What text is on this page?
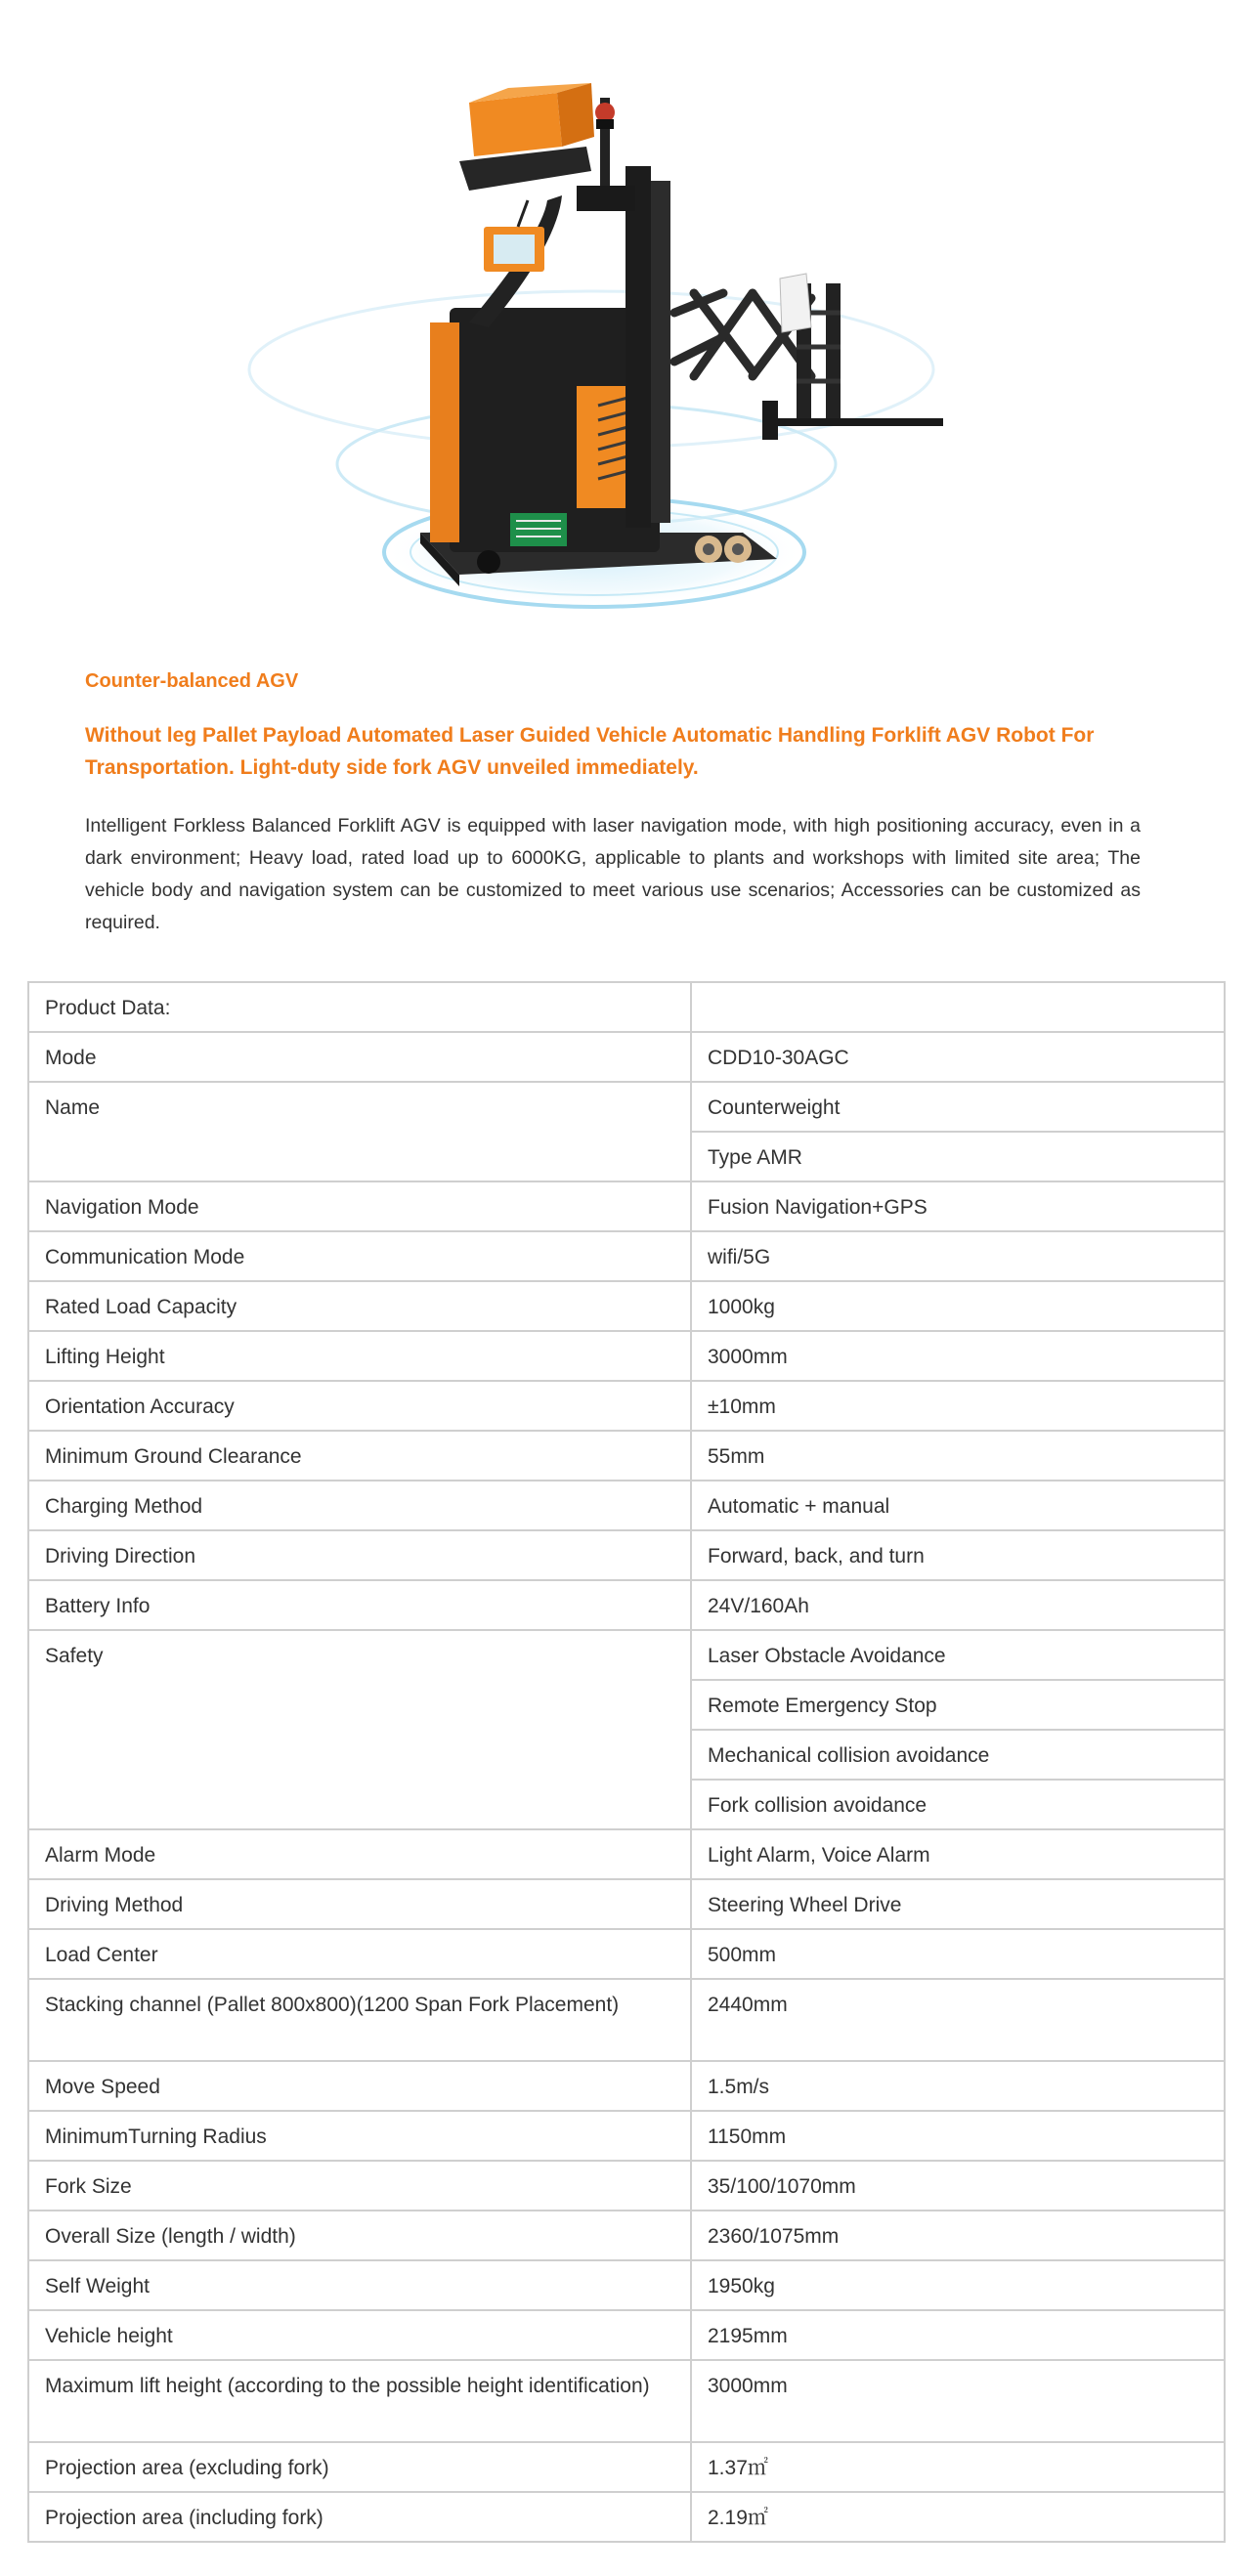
Counter-balanced AGV
Without leg Pallet Payload Automated Laser Guided Vehicle Automatic Handling Forklift AGV Robot For Transportation. Light-duty side fork AGV unveiled immediately.
Intelligent Forkless Balanced Forklift AGV is equipped with laser navigation mode, with high positioning accuracy, even in a dark environment; Heavy load, rated load up to 6000KG, applicable to plants and workshops with limited site area; The vehicle body and navigation system can be customized to meet various use scenarios; Accessories can be customized as required.
Product Data:	
Mode	CDD10-30AGC
Name	Counterweight
	Type AMR
Navigation Mode	Fusion Navigation+GPS
Communication Mode	wifi/5G
Rated Load Capacity	1000kg
Lifting Height	3000mm
Orientation Accuracy	±10mm
Minimum Ground Clearance	55mm
Charging Method	Automatic + manual
Driving Direction	Forward, back, and turn
Battery Info	24V/160Ah
Safety	Laser Obstacle Avoidance
	Remote Emergency Stop
	Mechanical collision avoidance
	Fork collision avoidance
Alarm Mode	Light Alarm, Voice Alarm
Driving Method	Steering Wheel Drive
Load Center	500mm
Stacking channel (Pallet 800x800)(1200 Span Fork Placement)	2440mm
Move Speed	1.5m/s
MinimumTurning Radius	1150mm
Fork Size	35/100/1070mm
Overall Size (length / width)	2360/1075mm
Self Weight	1950kg
Vehicle height	2195mm
Maximum lift height (according to the possible height identification)	3000mm
Projection area (excluding fork)	1.37㎡
Projection area (including fork)	2.19㎡
